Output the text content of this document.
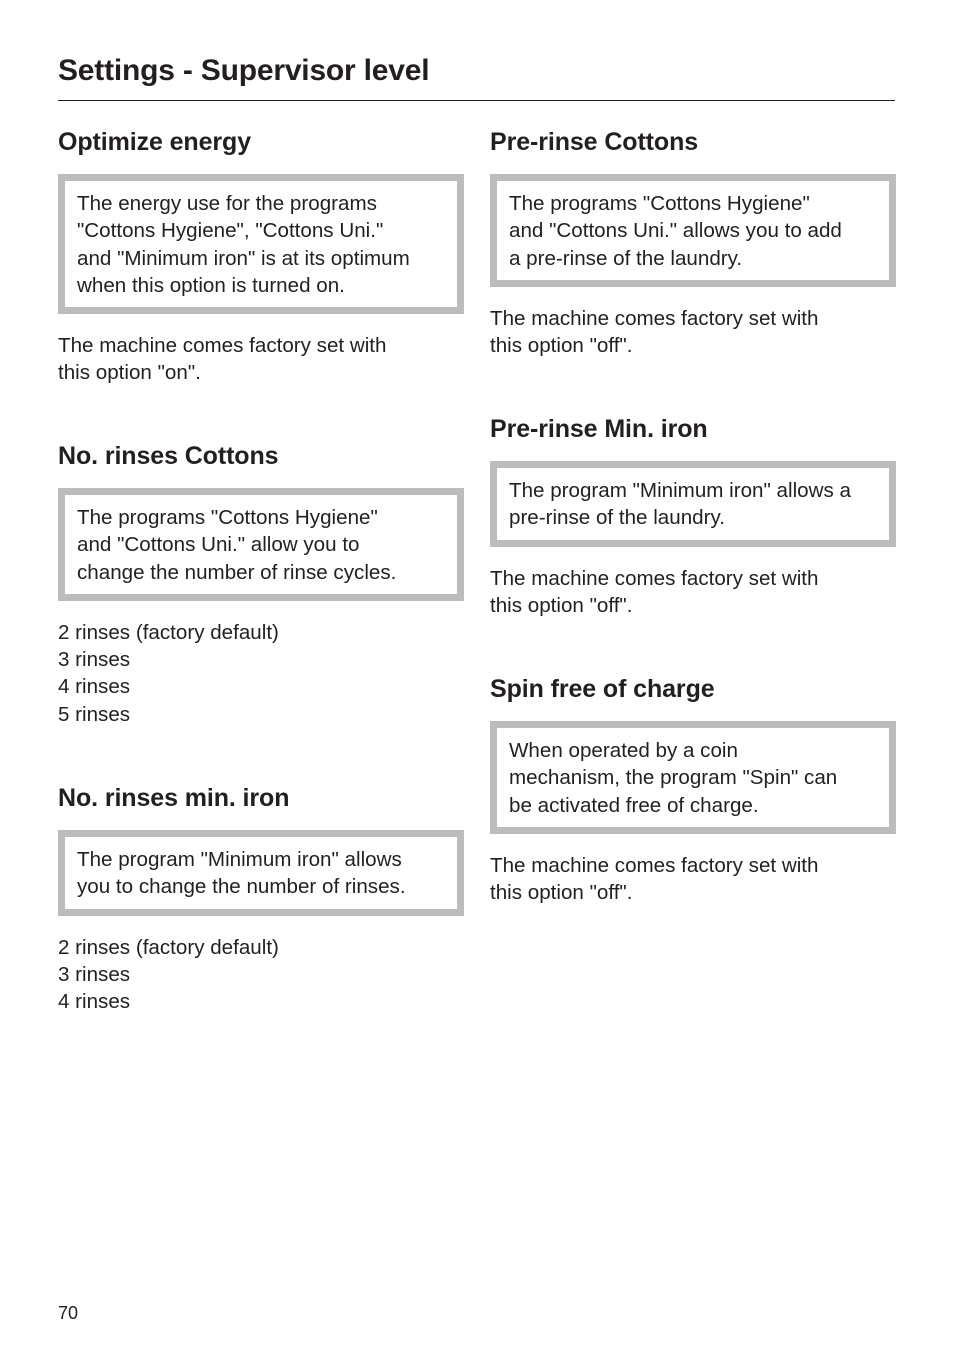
Settings - Supervisor level
Optimize energy
The energy use for the programs
"Cottons Hygiene", "Cottons Uni."
and "Minimum iron" is at its optimum
when this option is turned on.
The machine comes factory set with
this option "on".
No. rinses Cottons
The programs "Cottons Hygiene"
and "Cottons Uni." allow you to
change the number of rinse cycles.
2 rinses (factory default)
3 rinses
4 rinses
5 rinses
No. rinses min. iron
The program "Minimum iron" allows
you to change the number of rinses.
2 rinses (factory default)
3 rinses
4 rinses
Pre-rinse Cottons
The programs "Cottons Hygiene"
and "Cottons Uni." allows you to add
a pre-rinse of the laundry.
The machine comes factory set with
this option "off".
Pre-rinse Min. iron
The program "Minimum iron" allows a
pre-rinse of the laundry.
The machine comes factory set with
this option "off".
Spin free of charge
When operated by a coin
mechanism, the program "Spin" can
be activated free of charge.
The machine comes factory set with
this option "off".
70
